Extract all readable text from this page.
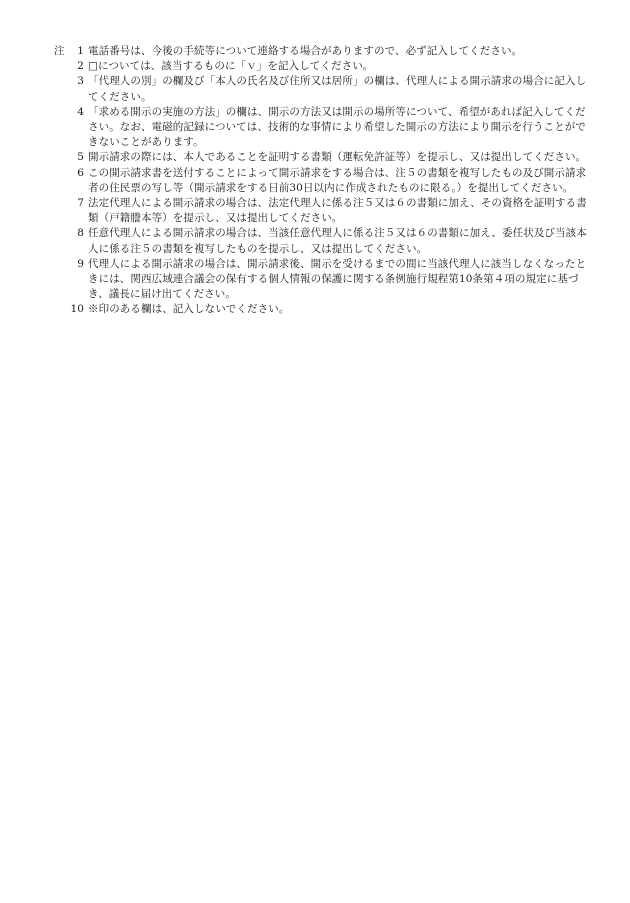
注 1 電話番号は、今後の手続等について連絡する場合がありますので、必ず記入してください。
2 □については、該当するものに「ｖ」を記入してください。
3 「代理人の別」の欄及び「本人の氏名及び住所又は居所」の欄は、代理人による開示請求の場合に記入してください。
4 「求める開示の実施の方法」の欄は、開示の方法又は開示の場所等について、希望があれば記入してください。なお、電磁的記録については、技術的な事情により希望した開示の方法により開示を行うことができないことがあります。
5 開示請求の際には、本人であることを証明する書類（運転免許証等）を提示し、又は提出してください。
6 この開示請求書を送付することによって開示請求をする場合は、注５の書類を複写したもの及び開示請求者の住民票の写し等（開示請求をする日前30日以内に作成されたものに限る。）を提出してください。
7 法定代理人による開示請求の場合は、法定代理人に係る注５又は６の書類に加え、その資格を証明する書類（戸籍謄本等）を提示し、又は提出してください。
8 任意代理人による開示請求の場合は、当該任意代理人に係る注５又は６の書類に加え、委任状及び当該本人に係る注５の書類を複写したものを提示し、又は提出してください。
9 代理人による開示請求の場合は、開示請求後、開示を受けるまでの間に当該代理人に該当しなくなったときには、関西広域連合議会の保有する個人情報の保護に関する条例施行規程第10条第４項の規定に基づき、議長に届け出てください。
10 ※印のある欄は、記入しないでください。
